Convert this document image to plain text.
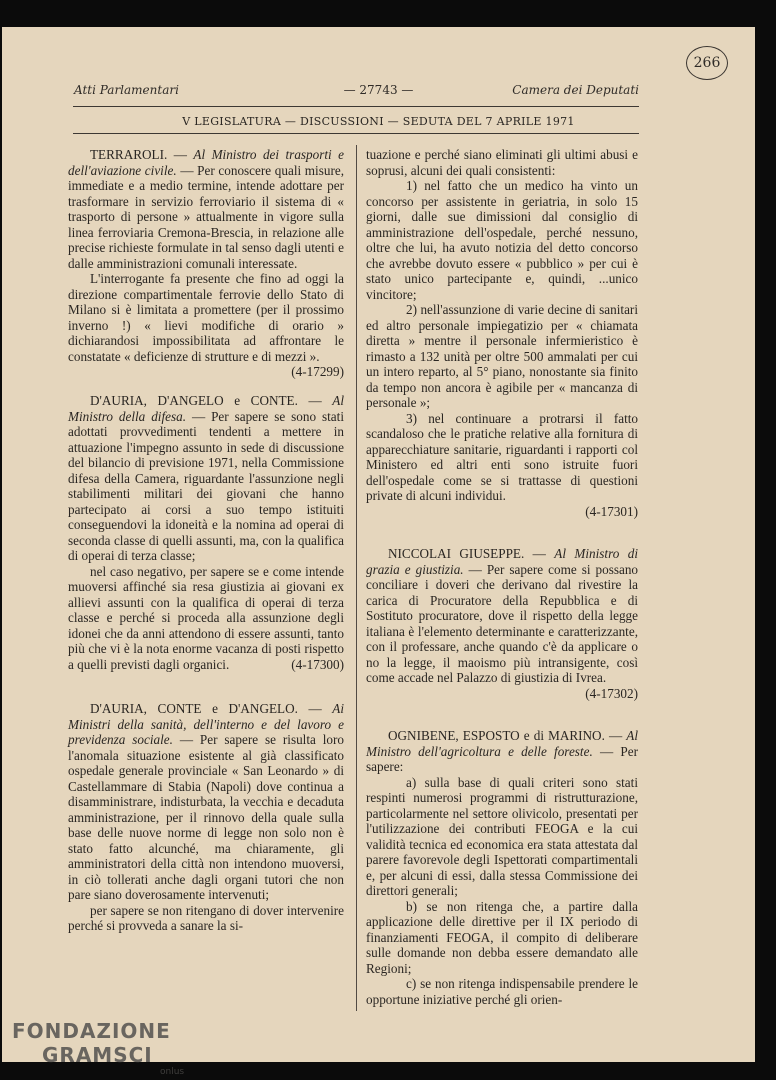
266
Atti Parlamentari	— 27743 —	Camera dei Deputati
V LEGISLATURA — DISCUSSIONI — SEDUTA DEL 7 APRILE 1971

TERRAROLI. — Al Ministro dei trasporti e dell'aviazione civile. — Per conoscere quali misure, immediate e a medio termine, intende adottare per trasformare in servizio ferroviario il sistema di « trasporto di persone » attualmente in vigore sulla linea ferroviaria Cremona-Brescia, in relazione alle precise richieste formulate in tal senso dagli utenti e dalle amministrazioni comunali interessate.

L'interrogante fa presente che fino ad oggi la direzione compartimentale ferrovie dello Stato di Milano si è limitata a promettere (per il prossimo inverno !) « lievi modifiche di orario » dichiarandosi impossibilitata ad affrontare le constatate « deficienze di strutture e di mezzi ».
(4-17299)

D'AURIA, D'ANGELO e CONTE. — Al Ministro della difesa. — Per sapere se sono stati adottati provvedimenti tendenti a mettere in attuazione l'impegno assunto in sede di discussione del bilancio di previsione 1971, nella Commissione difesa della Camera, riguardante l'assunzione negli stabilimenti militari dei giovani che hanno partecipato ai corsi a suo tempo istituiti conseguendovi la idoneità e la nomina ad operai di seconda classe di quelli assunti, ma, con la qualifica di operai di terza classe;

nel caso negativo, per sapere se e come intende muoversi affinché sia resa giustizia ai giovani ex allievi assunti con la qualifica di operai di terza classe e perché si proceda alla assunzione degli idonei che da anni attendono di essere assunti, tanto più che vi è la nota enorme vacanza di posti rispetto a quelli previsti dagli organici.	(4-17300)

D'AURIA, CONTE e D'ANGELO. — Ai Ministri della sanità, dell'interno e del lavoro e previdenza sociale. — Per sapere se risulta loro l'anomala situazione esistente al già classificato ospedale generale provinciale « San Leonardo » di Castellammare di Stabia (Napoli) dove continua a disamministrare, indisturbata, la vecchia e decaduta amministrazione, per il rinnovo della quale sulla base delle nuove norme di legge non solo non è stato fatto alcunché, ma chiaramente, gli amministratori della città non intendono muoversi, in ciò tollerati anche dagli organi tutori che non pare siano doverosamente intervenuti;

per sapere se non ritengano di dover intervenire perché si provveda a sanare la si-

tuazione e perché siano eliminati gli ultimi abusi e soprusi, alcuni dei quali consistenti:

1) nel fatto che un medico ha vinto un concorso per assistente in geriatria, in solo 15 giorni, dalle sue dimissioni dal consiglio di amministrazione dell'ospedale, perché nessuno, oltre che lui, ha avuto notizia del detto concorso che avrebbe dovuto essere « pubblico » per cui è stato unico partecipante e, quindi, ...unico vincitore;

2) nell'assunzione di varie decine di sanitari ed altro personale impiegatizio per « chiamata diretta » mentre il personale infermieristico è rimasto a 132 unità per oltre 500 ammalati per cui un intero reparto, al 5° piano, nonostante sia finito da tempo non ancora è agibile per « mancanza di personale »;

3) nel continuare a protrarsi il fatto scandaloso che le pratiche relative alla fornitura di apparecchiature sanitarie, riguardanti i rapporti col Ministero ed altri enti sono istruite fuori dell'ospedale come se si trattasse di questioni private di alcuni individui.

(4-17301)

NICCOLAI GIUSEPPE. — Al Ministro di grazia e giustizia. — Per sapere come si possano conciliare i doveri che derivano dal rivestire la carica di Procuratore della Repubblica e di Sostituto procuratore, dove il rispetto della legge italiana è l'elemento determinante e caratterizzante, con il professare, anche quando c'è da applicare o no la legge, il maoismo più intransigente, così come accade nel Palazzo di giustizia di Ivrea.

(4-17302)

OGNIBENE, ESPOSTO e di MARINO. — Al Ministro dell'agricoltura e delle foreste. — Per sapere:

a) sulla base di quali criteri sono stati respinti numerosi programmi di ristrutturazione, particolarmente nel settore olivicolo, presentati per l'utilizzazione dei contributi FEOGA e la cui validità tecnica ed economica era stata attestata dal parere favorevole degli Ispettorati compartimentali e, per alcuni di essi, dalla stessa Commissione dei direttori generali;

b) se non ritenga che, a partire dalla applicazione delle direttive per il IX periodo di finanziamenti FEOGA, il compito di deliberare sulle domande non debba essere demandato alle Regioni;

c) se non ritenga indispensabile prendere le opportune iniziative perché gli orien-

FONDAZIONE
GRAMSCI
onlus
